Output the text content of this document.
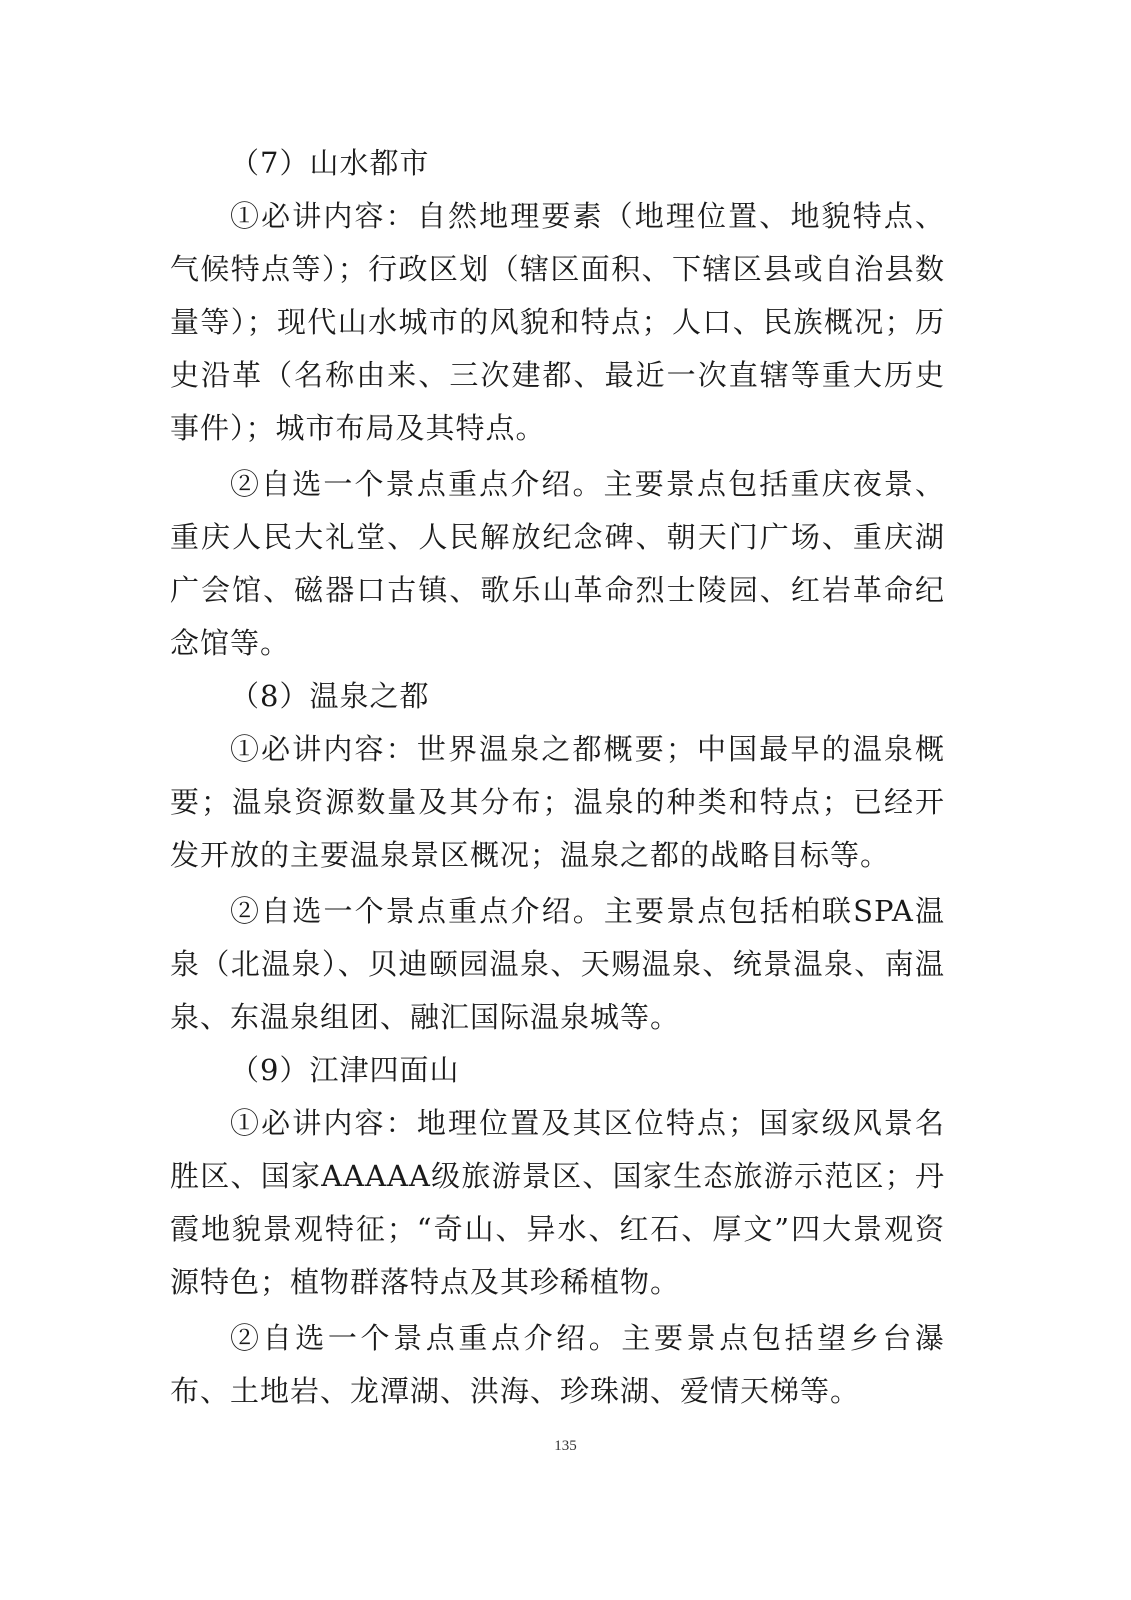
（7）山水都市

①必讲内容：自然地理要素（地理位置、地貌特点、气候特点等）；行政区划（辖区面积、下辖区县或自治县数量等）；现代山水城市的风貌和特点；人口、民族概况；历史沿革（名称由来、三次建都、最近一次直辖等重大历史事件）；城市布局及其特点。

②自选一个景点重点介绍。主要景点包括重庆夜景、重庆人民大礼堂、人民解放纪念碑、朝天门广场、重庆湖广会馆、磁器口古镇、歌乐山革命烈士陵园、红岩革命纪念馆等。

（8）温泉之都

①必讲内容：世界温泉之都概要；中国最早的温泉概要；温泉资源数量及其分布；温泉的种类和特点；已经开发开放的主要温泉景区概况；温泉之都的战略目标等。

②自选一个景点重点介绍。主要景点包括柏联SPA温泉（北温泉）、贝迪颐园温泉、天赐温泉、统景温泉、南温泉、东温泉组团、融汇国际温泉城等。

（9）江津四面山

①必讲内容：地理位置及其区位特点；国家级风景名胜区、国家AAAAA级旅游景区、国家生态旅游示范区；丹霞地貌景观特征；“奇山、异水、红石、厚文”四大景观资源特色；植物群落特点及其珍稀植物。

②自选一个景点重点介绍。主要景点包括望乡台瀑布、土地岩、龙潭湖、洪海、珍珠湖、爱情天梯等。

135
